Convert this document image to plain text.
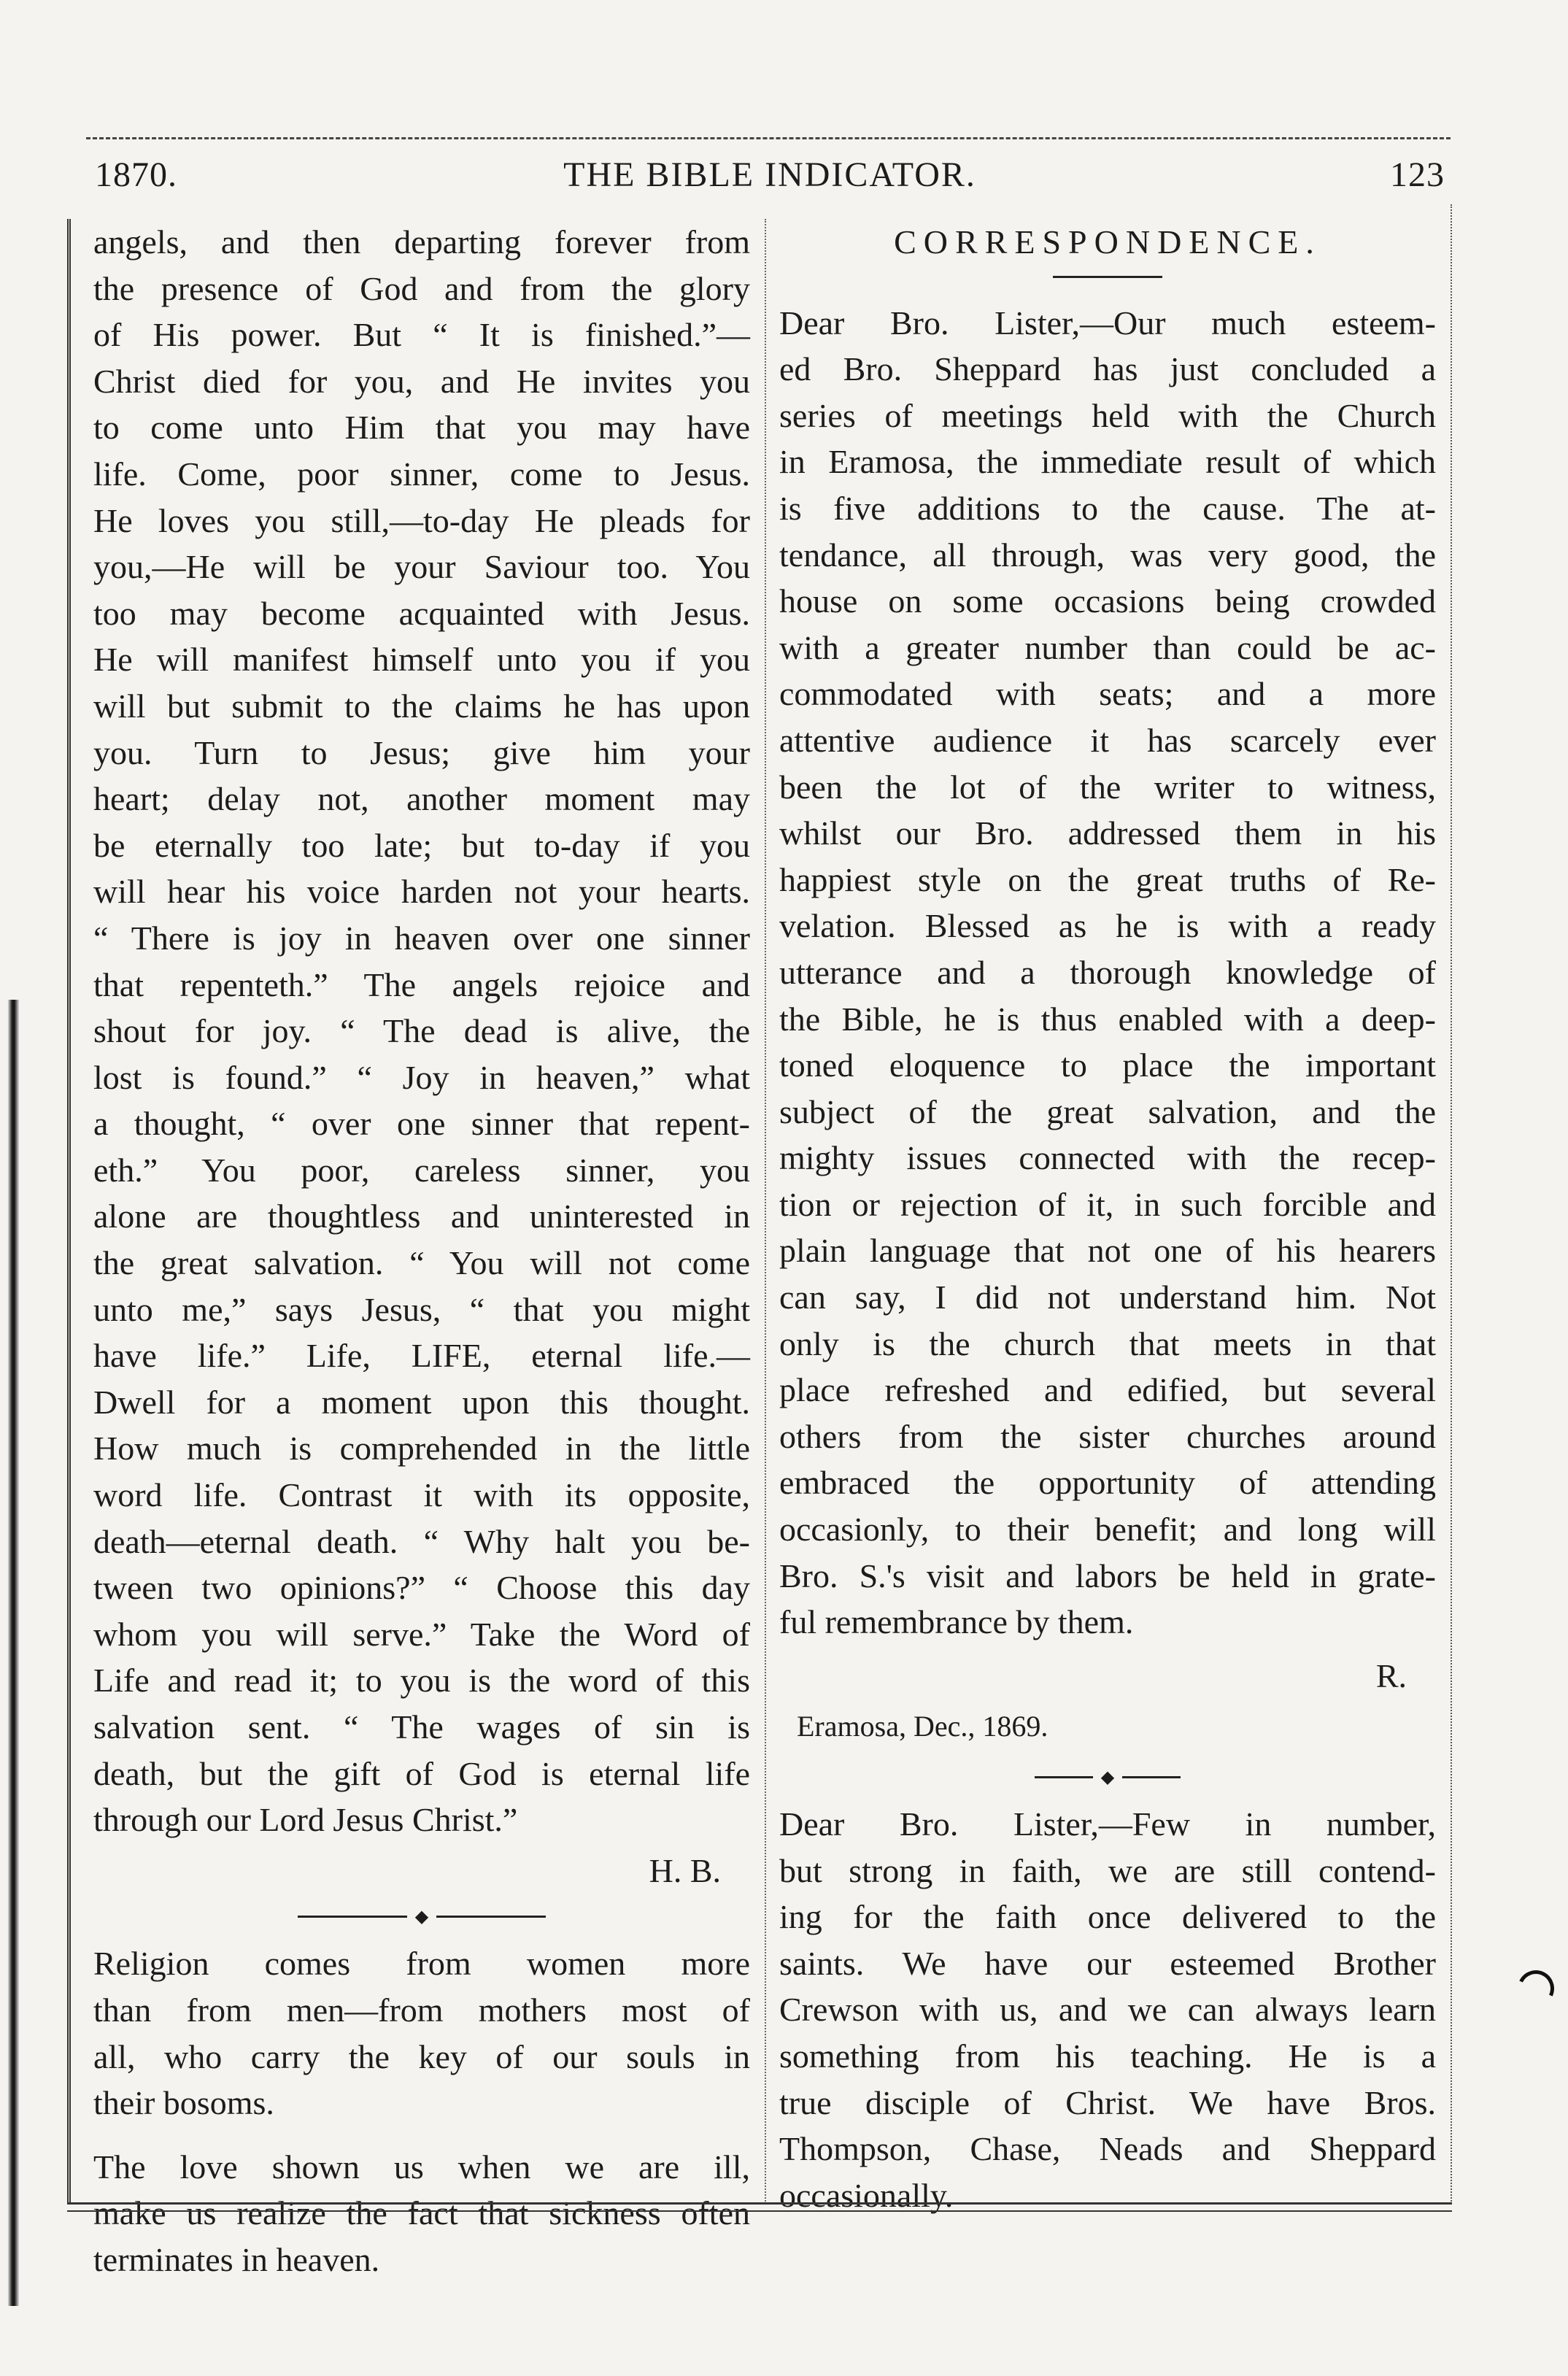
1870.	THE BIBLE INDICATOR.	123
angels, and then departing forever from
the presence of God and from the glory
of His power. But “ It is finished.”—
Christ died for you, and He invites you
to come unto Him that you may have
life. Come, poor sinner, come to Jesus.
He loves you still,—to-day He pleads for
you,—He will be your Saviour too. You
too may become acquainted with Jesus.
He will manifest himself unto you if you
will but submit to the claims he has upon
you. Turn to Jesus; give him your
heart; delay not, another moment may
be eternally too late; but to-day if you
will hear his voice harden not your hearts.
“ There is joy in heaven over one sinner
that repenteth.” The angels rejoice and
shout for joy. “ The dead is alive, the
lost is found.” “ Joy in heaven,” what
a thought, “ over one sinner that repent-
eth.” You poor, careless sinner, you
alone are thoughtless and uninterested in
the great salvation. “ You will not come
unto me,” says Jesus, “ that you might
have life.” Life, LIFE, eternal life.—
Dwell for a moment upon this thought.
How much is comprehended in the little
word life. Contrast it with its opposite,
death—eternal death. “ Why halt you be-
tween two opinions?” “ Choose this day
whom you will serve.” Take the Word of
Life and read it; to you is the word of this
salvation sent. “ The wages of sin is
death, but the gift of God is eternal life
through our Lord Jesus Christ.”

H. B.

◆
Religion comes from women more
than from men—from mothers most of
all, who carry the key of our souls in
their bosoms.
The love shown us when we are ill,
make us realize the fact that sickness often
terminates in heaven.

CORRESPONDENCE.

Dear Bro. Lister,—Our much esteem-
ed Bro. Sheppard has just concluded a
series of meetings held with the Church
in Eramosa, the immediate result of which
is five additions to the cause. The at-
tendance, all through, was very good, the
house on some occasions being crowded
with a greater number than could be ac-
commodated with seats; and a more
attentive audience it has scarcely ever
been the lot of the writer to witness,
whilst our Bro. addressed them in his
happiest style on the great truths of Re-
velation. Blessed as he is with a ready
utterance and a thorough knowledge of
the Bible, he is thus enabled with a deep-
toned eloquence to place the important
subject of the great salvation, and the
mighty issues connected with the recep-
tion or rejection of it, in such forcible and
plain language that not one of his hearers
can say, I did not understand him. Not
only is the church that meets in that
place refreshed and edified, but several
others from the sister churches around
embraced the opportunity of attending
occasionly, to their benefit; and long will
Bro. S.'s visit and labors be held in grate-
ful remembrance by them.

R.

Eramosa, Dec., 1869.

◆
Dear Bro. Lister,—Few in number,
but strong in faith, we are still contend-
ing for the faith once delivered to the
saints. We have our esteemed Brother
Crewson with us, and we can always learn
something from his teaching. He is a
true disciple of Christ. We have Bros.
Thompson, Chase, Neads and Sheppard
occasionally.
